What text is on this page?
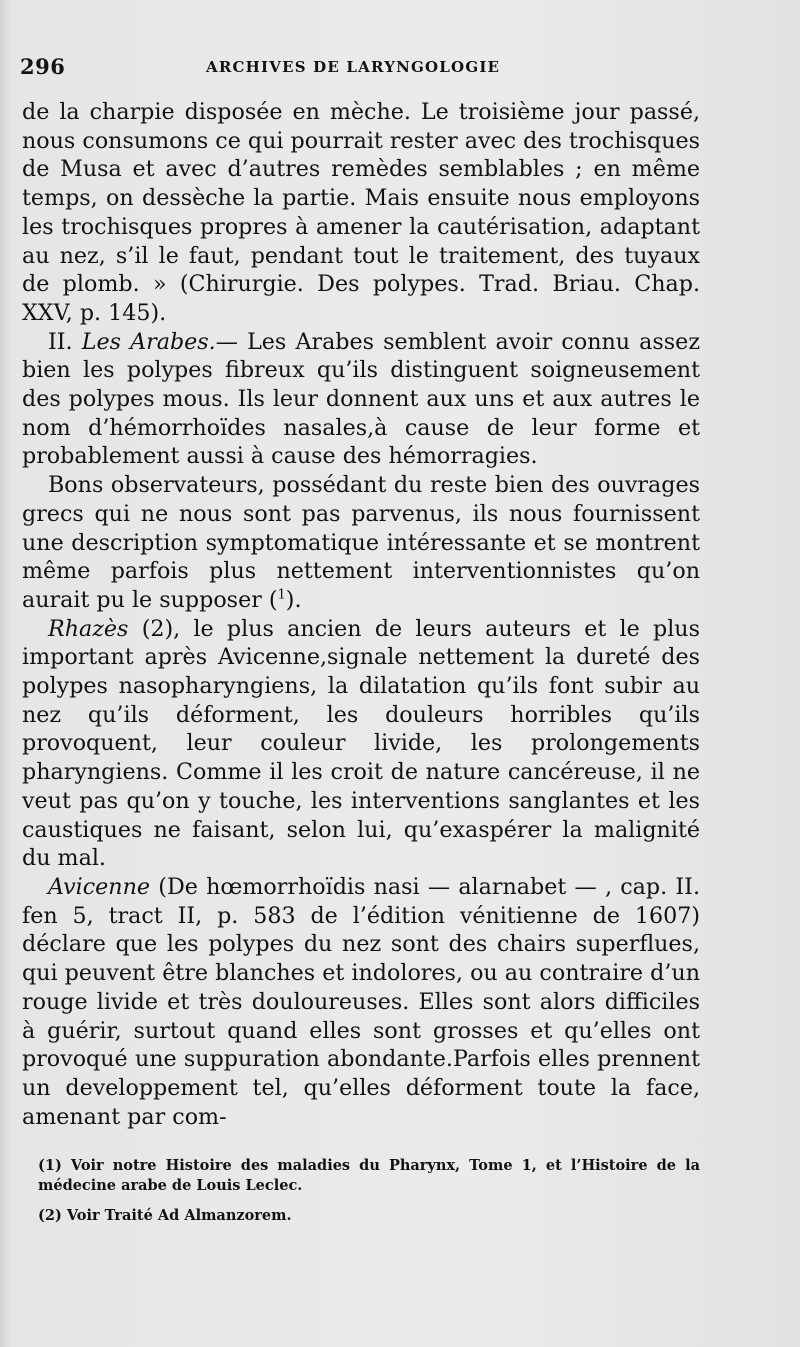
296	ARCHIVES DE LARYNGOLOGIE

de la charpie disposée en mèche. Le troisième jour passé, nous consumons ce qui pourrait rester avec des trochisques de Musa et avec d’autres remèdes semblables ; en même temps, on dessèche la partie. Mais ensuite nous employons les trochisques propres à amener la cautérisation, adaptant au nez, s’il le faut, pendant tout le traitement, des tuyaux de plomb. » (Chirurgie. Des polypes. Trad. Briau. Chap. XXV, p. 145).

II. Les Arabes.— Les Arabes semblent avoir connu assez bien les polypes fibreux qu’ils distinguent soigneusement des polypes mous. Ils leur donnent aux uns et aux autres le nom d’hémorrhoïdes nasales,à cause de leur forme et probablement aussi à cause des hémorragies.

Bons observateurs, possédant du reste bien des ouvrages grecs qui ne nous sont pas parvenus, ils nous fournissent une description symptomatique intéressante et se montrent même parfois plus nettement interventionnistes qu’on aurait pu le supposer ($^1$).

Rhazès (2), le plus ancien de leurs auteurs et le plus important après Avicenne,signale nettement la dureté des polypes nasopharyngiens, la dilatation qu’ils font subir au nez qu’ils déforment, les douleurs horribles qu’ils provoquent, leur couleur livide, les prolongements pharyngiens. Comme il les croit de nature cancéreuse, il ne veut pas qu’on y touche, les interventions sanglantes et les caustiques ne faisant, selon lui, qu’exaspérer la malignité du mal.

Avicenne (De hœmorrhoïdis nasi — alarnabet — , cap. II. fen 5, tract II, p. 583 de l’édition vénitienne de 1607) déclare que les polypes du nez sont des chairs superflues, qui peuvent être blanches et indolores, ou au contraire d’un rouge livide et très douloureuses. Elles sont alors difficiles à guérir, surtout quand elles sont grosses et qu’elles ont provoqué une suppuration abondante.Parfois elles prennent un developpement tel, qu’elles déforment toute la face, amenant par com-

(1) Voir notre Histoire des maladies du Pharynx, Tome 1, et l’Histoire de la médecine arabe de Louis Leclec.

(2) Voir Traité Ad Almanzorem.
